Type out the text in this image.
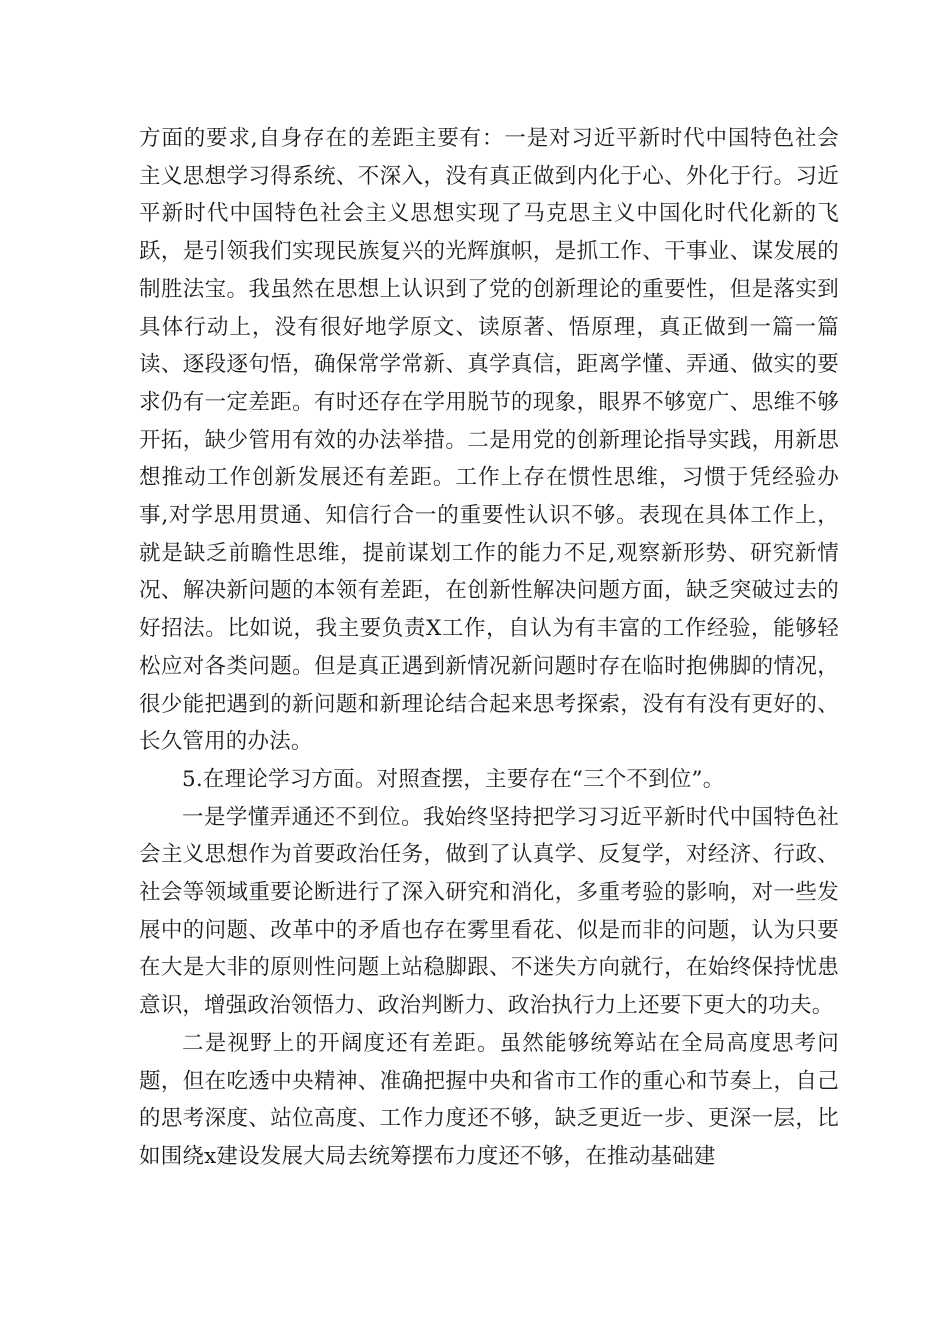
方面的要求,自身存在的差距主要有：一是对习近平新时代中国特色社会主义思想学习得系统、不深入，没有真正做到内化于心、外化于行。习近平新时代中国特色社会主义思想实现了马克思主义中国化时代化新的飞跃，是引领我们实现民族复兴的光辉旗帜，是抓工作、干事业、谋发展的制胜法宝。我虽然在思想上认识到了党的创新理论的重要性，但是落实到具体行动上，没有很好地学原文、读原著、悟原理，真正做到一篇一篇读、逐段逐句悟，确保常学常新、真学真信，距离学懂、弄通、做实的要求仍有一定差距。有时还存在学用脱节的现象，眼界不够宽广、思维不够开拓，缺少管用有效的办法举措。二是用党的创新理论指导实践，用新思想推动工作创新发展还有差距。工作上存在惯性思维，习惯于凭经验办事,对学思用贯通、知信行合一的重要性认识不够。表现在具体工作上，就是缺乏前瞻性思维，提前谋划工作的能力不足,观察新形势、研究新情况、解决新问题的本领有差距，在创新性解决问题方面，缺乏突破过去的好招法。比如说，我主要负责X工作，自认为有丰富的工作经验，能够轻松应对各类问题。但是真正遇到新情况新问题时存在临时抱佛脚的情况，很少能把遇到的新问题和新理论结合起来思考探索，没有有没有更好的、长久管用的办法。

5.在理论学习方面。对照查摆，主要存在“三个不到位”。

一是学懂弄通还不到位。我始终坚持把学习习近平新时代中国特色社会主义思想作为首要政治任务，做到了认真学、反复学，对经济、行政、社会等领域重要论断进行了深入研究和消化，多重考验的影响，对一些发展中的问题、改革中的矛盾也存在雾里看花、似是而非的问题，认为只要在大是大非的原则性问题上站稳脚跟、不迷失方向就行，在始终保持忧患意识，增强政治领悟力、政治判断力、政治执行力上还要下更大的功夫。

二是视野上的开阔度还有差距。虽然能够统筹站在全局高度思考问题，但在吃透中央精神、准确把握中央和省市工作的重心和节奏上，自己的思考深度、站位高度、工作力度还不够，缺乏更近一步、更深一层，比如围绕x建设发展大局去统筹摆布力度还不够，在推动基础建
